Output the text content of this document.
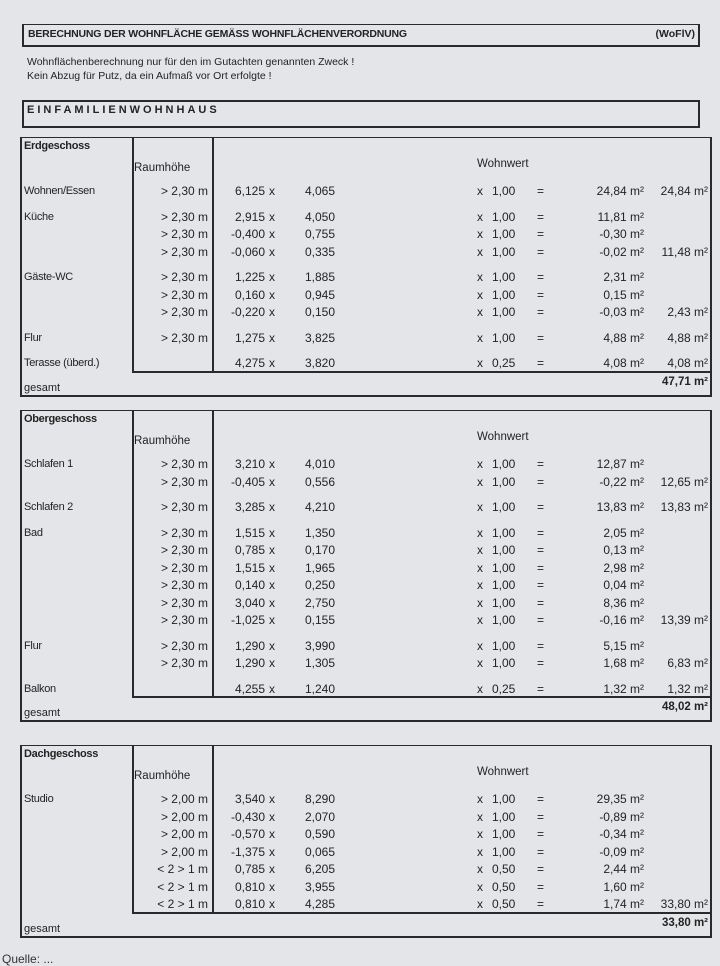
BERECHNUNG DER WOHNFLÄCHE GEMÄSS WOHNFLÄCHENVERORDNUNG	(WoFlV)
Wohnflächenberechnung nur für den im Gutachten genannten Zweck !
Kein Abzug für Putz, da ein Aufmaß vor Ort erfolgte !
EINFAMILIENWOHNHAUS
Erdgeschoss
Raumhöhe	Wohnwert
Wohnen/Essen	> 2,30 m	6,125 x	4,065	x 1,00 =	24,84 m²	24,84 m²
Küche	> 2,30 m	2,915 x	4,050	x 1,00 =	11,81 m²
> 2,30 m	-0,400 x	0,755	x 1,00 =	-0,30 m²
> 2,30 m	-0,060 x	0,335	x 1,00 =	-0,02 m²	11,48 m²
Gäste-WC	> 2,30 m	1,225 x	1,885	x 1,00 =	2,31 m²
> 2,30 m	0,160 x	0,945	x 1,00 =	0,15 m²
> 2,30 m	-0,220 x	0,150	x 1,00 =	-0,03 m²	2,43 m²
Flur	> 2,30 m	1,275 x	3,825	x 1,00 =	4,88 m²	4,88 m²
Terasse (überd.)	4,275 x	3,820	x 0,25 =	4,08 m²	4,08 m²
gesamt	47,71 m²
Obergeschoss
Raumhöhe	Wohnwert
Schlafen 1	> 2,30 m	3,210 x	4,010	x 1,00 =	12,87 m²
> 2,30 m	-0,405 x	0,556	x 1,00 =	-0,22 m²	12,65 m²
Schlafen 2	> 2,30 m	3,285 x	4,210	x 1,00 =	13,83 m²	13,83 m²
Bad	> 2,30 m	1,515 x	1,350	x 1,00 =	2,05 m²
> 2,30 m	0,785 x	0,170	x 1,00 =	0,13 m²
> 2,30 m	1,515 x	1,965	x 1,00 =	2,98 m²
> 2,30 m	0,140 x	0,250	x 1,00 =	0,04 m²
> 2,30 m	3,040 x	2,750	x 1,00 =	8,36 m²
> 2,30 m	-1,025 x	0,155	x 1,00 =	-0,16 m²	13,39 m²
Flur	> 2,30 m	1,290 x	3,990	x 1,00 =	5,15 m²
> 2,30 m	1,290 x	1,305	x 1,00 =	1,68 m²	6,83 m²
Balkon	4,255 x	1,240	x 0,25 =	1,32 m²	1,32 m²
gesamt	48,02 m²
Dachgeschoss
Raumhöhe	Wohnwert
Studio	> 2,00 m	3,540 x	8,290	x 1,00 =	29,35 m²
> 2,00 m	-0,430 x	2,070	x 1,00 =	-0,89 m²
> 2,00 m	-0,570 x	0,590	x 1,00 =	-0,34 m²
> 2,00 m	-1,375 x	0,065	x 1,00 =	-0,09 m²
< 2 > 1 m	0,785 x	6,205	x 0,50 =	2,44 m²
< 2 > 1 m	0,810 x	3,955	x 0,50 =	1,60 m²
< 2 > 1 m	0,810 x	4,285	x 0,50 =	1,74 m²	33,80 m²
gesamt	33,80 m²
Quelle: ...
